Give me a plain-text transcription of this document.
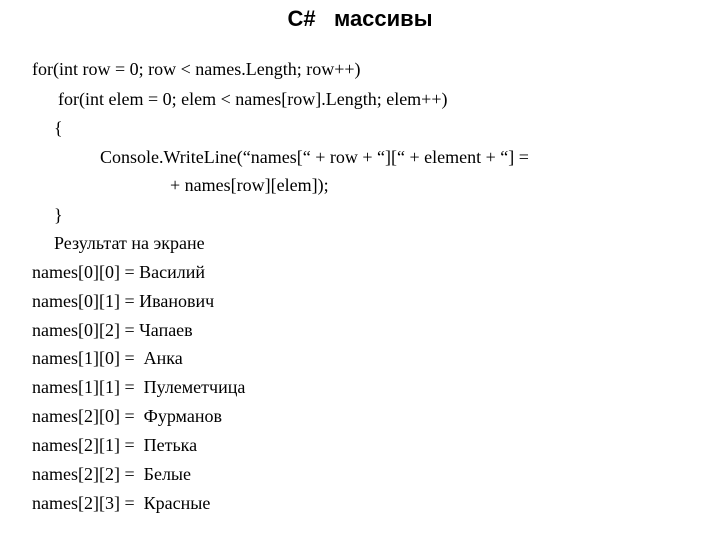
C#   массивы
for(int row = 0; row < names.Length; row++)
for(int elem = 0; elem < names[row].Length; elem++)
{
Console.WriteLine(“names[“ + row + “][“ + element + “] =
+ names[row][elem]);
}
Результат на экране
names[0][0] = Василий
names[0][1] = Иванович
names[0][2] = Чапаев
names[1][0] =  Анка
names[1][1] =  Пулеметчица
names[2][0] =  Фурманов
names[2][1] =  Петька
names[2][2] =  Белые
names[2][3] =  Красные
